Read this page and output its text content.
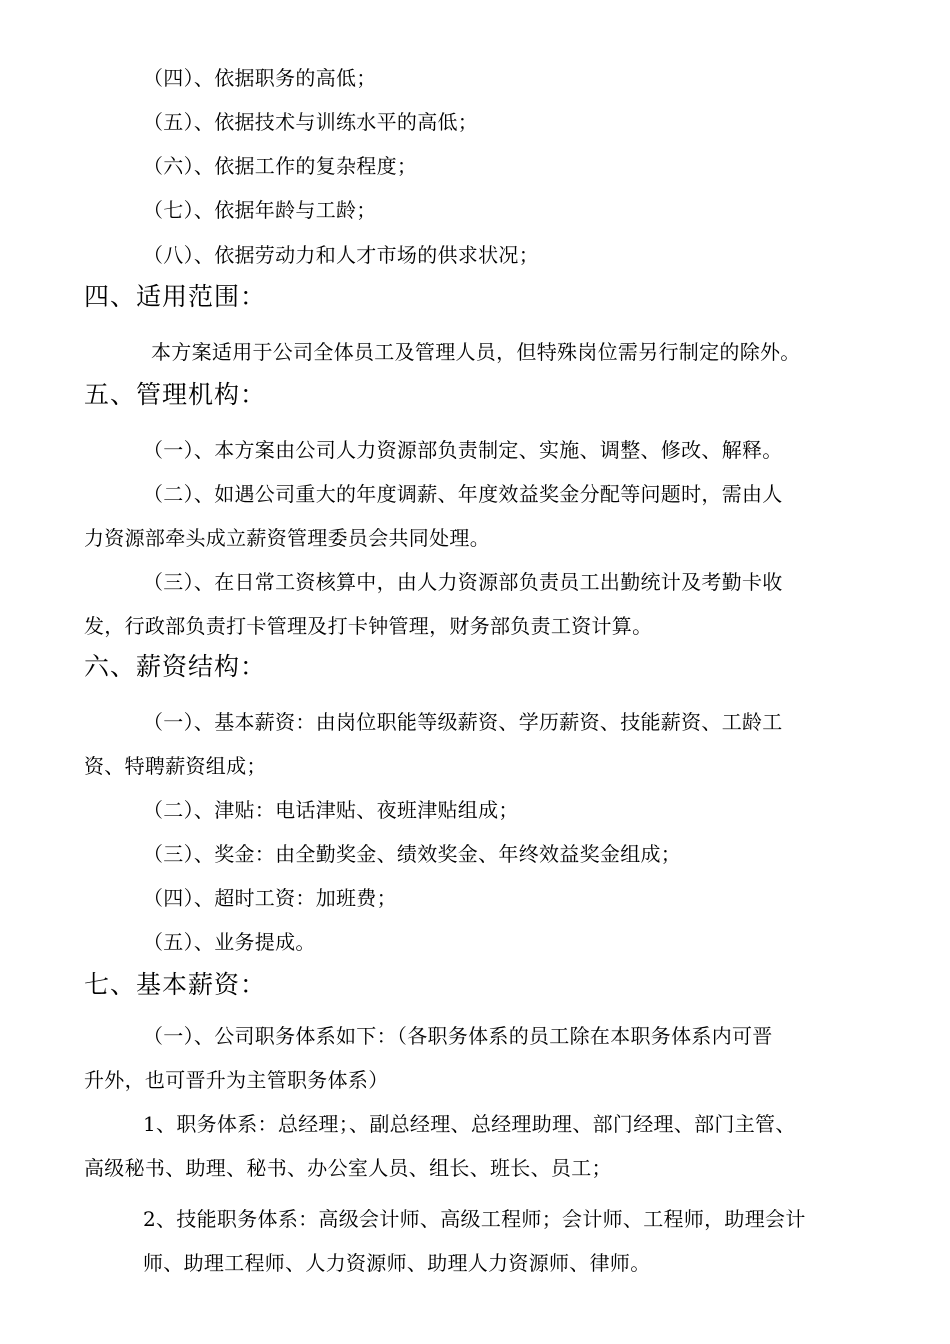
（四）、依据职务的高低；
（五）、依据技术与训练水平的高低；
（六）、依据工作的复杂程度；
（七）、依据年龄与工龄；
（八）、依据劳动力和人才市场的供求状况；
四、适用范围：
本方案适用于公司全体员工及管理人员，但特殊岗位需另行制定的除外。
五、管理机构：
（一）、本方案由公司人力资源部负责制定、实施、调整、修改、解释。
（二）、如遇公司重大的年度调薪、年度效益奖金分配等问题时，需由人
力资源部牵头成立薪资管理委员会共同处理。
（三）、在日常工资核算中，由人力资源部负责员工出勤统计及考勤卡收
发，行政部负责打卡管理及打卡钟管理，财务部负责工资计算。
六、薪资结构：
（一）、基本薪资：由岗位职能等级薪资、学历薪资、技能薪资、工龄工
资、特聘薪资组成；
（二）、津贴：电话津贴、夜班津贴组成；
（三）、奖金：由全勤奖金、绩效奖金、年终效益奖金组成；
（四）、超时工资：加班费；
（五）、业务提成。
七、基本薪资：
（一）、公司职务体系如下：（各职务体系的员工除在本职务体系内可晋
升外，也可晋升为主管职务体系）
1、职务体系：总经理；、副总经理、总经理助理、部门经理、部门主管、
高级秘书、助理、秘书、办公室人员、组长、班长、员工；
2、技能职务体系：高级会计师、高级工程师；会计师、工程师，助理会计
师、助理工程师、人力资源师、助理人力资源师、律师。
